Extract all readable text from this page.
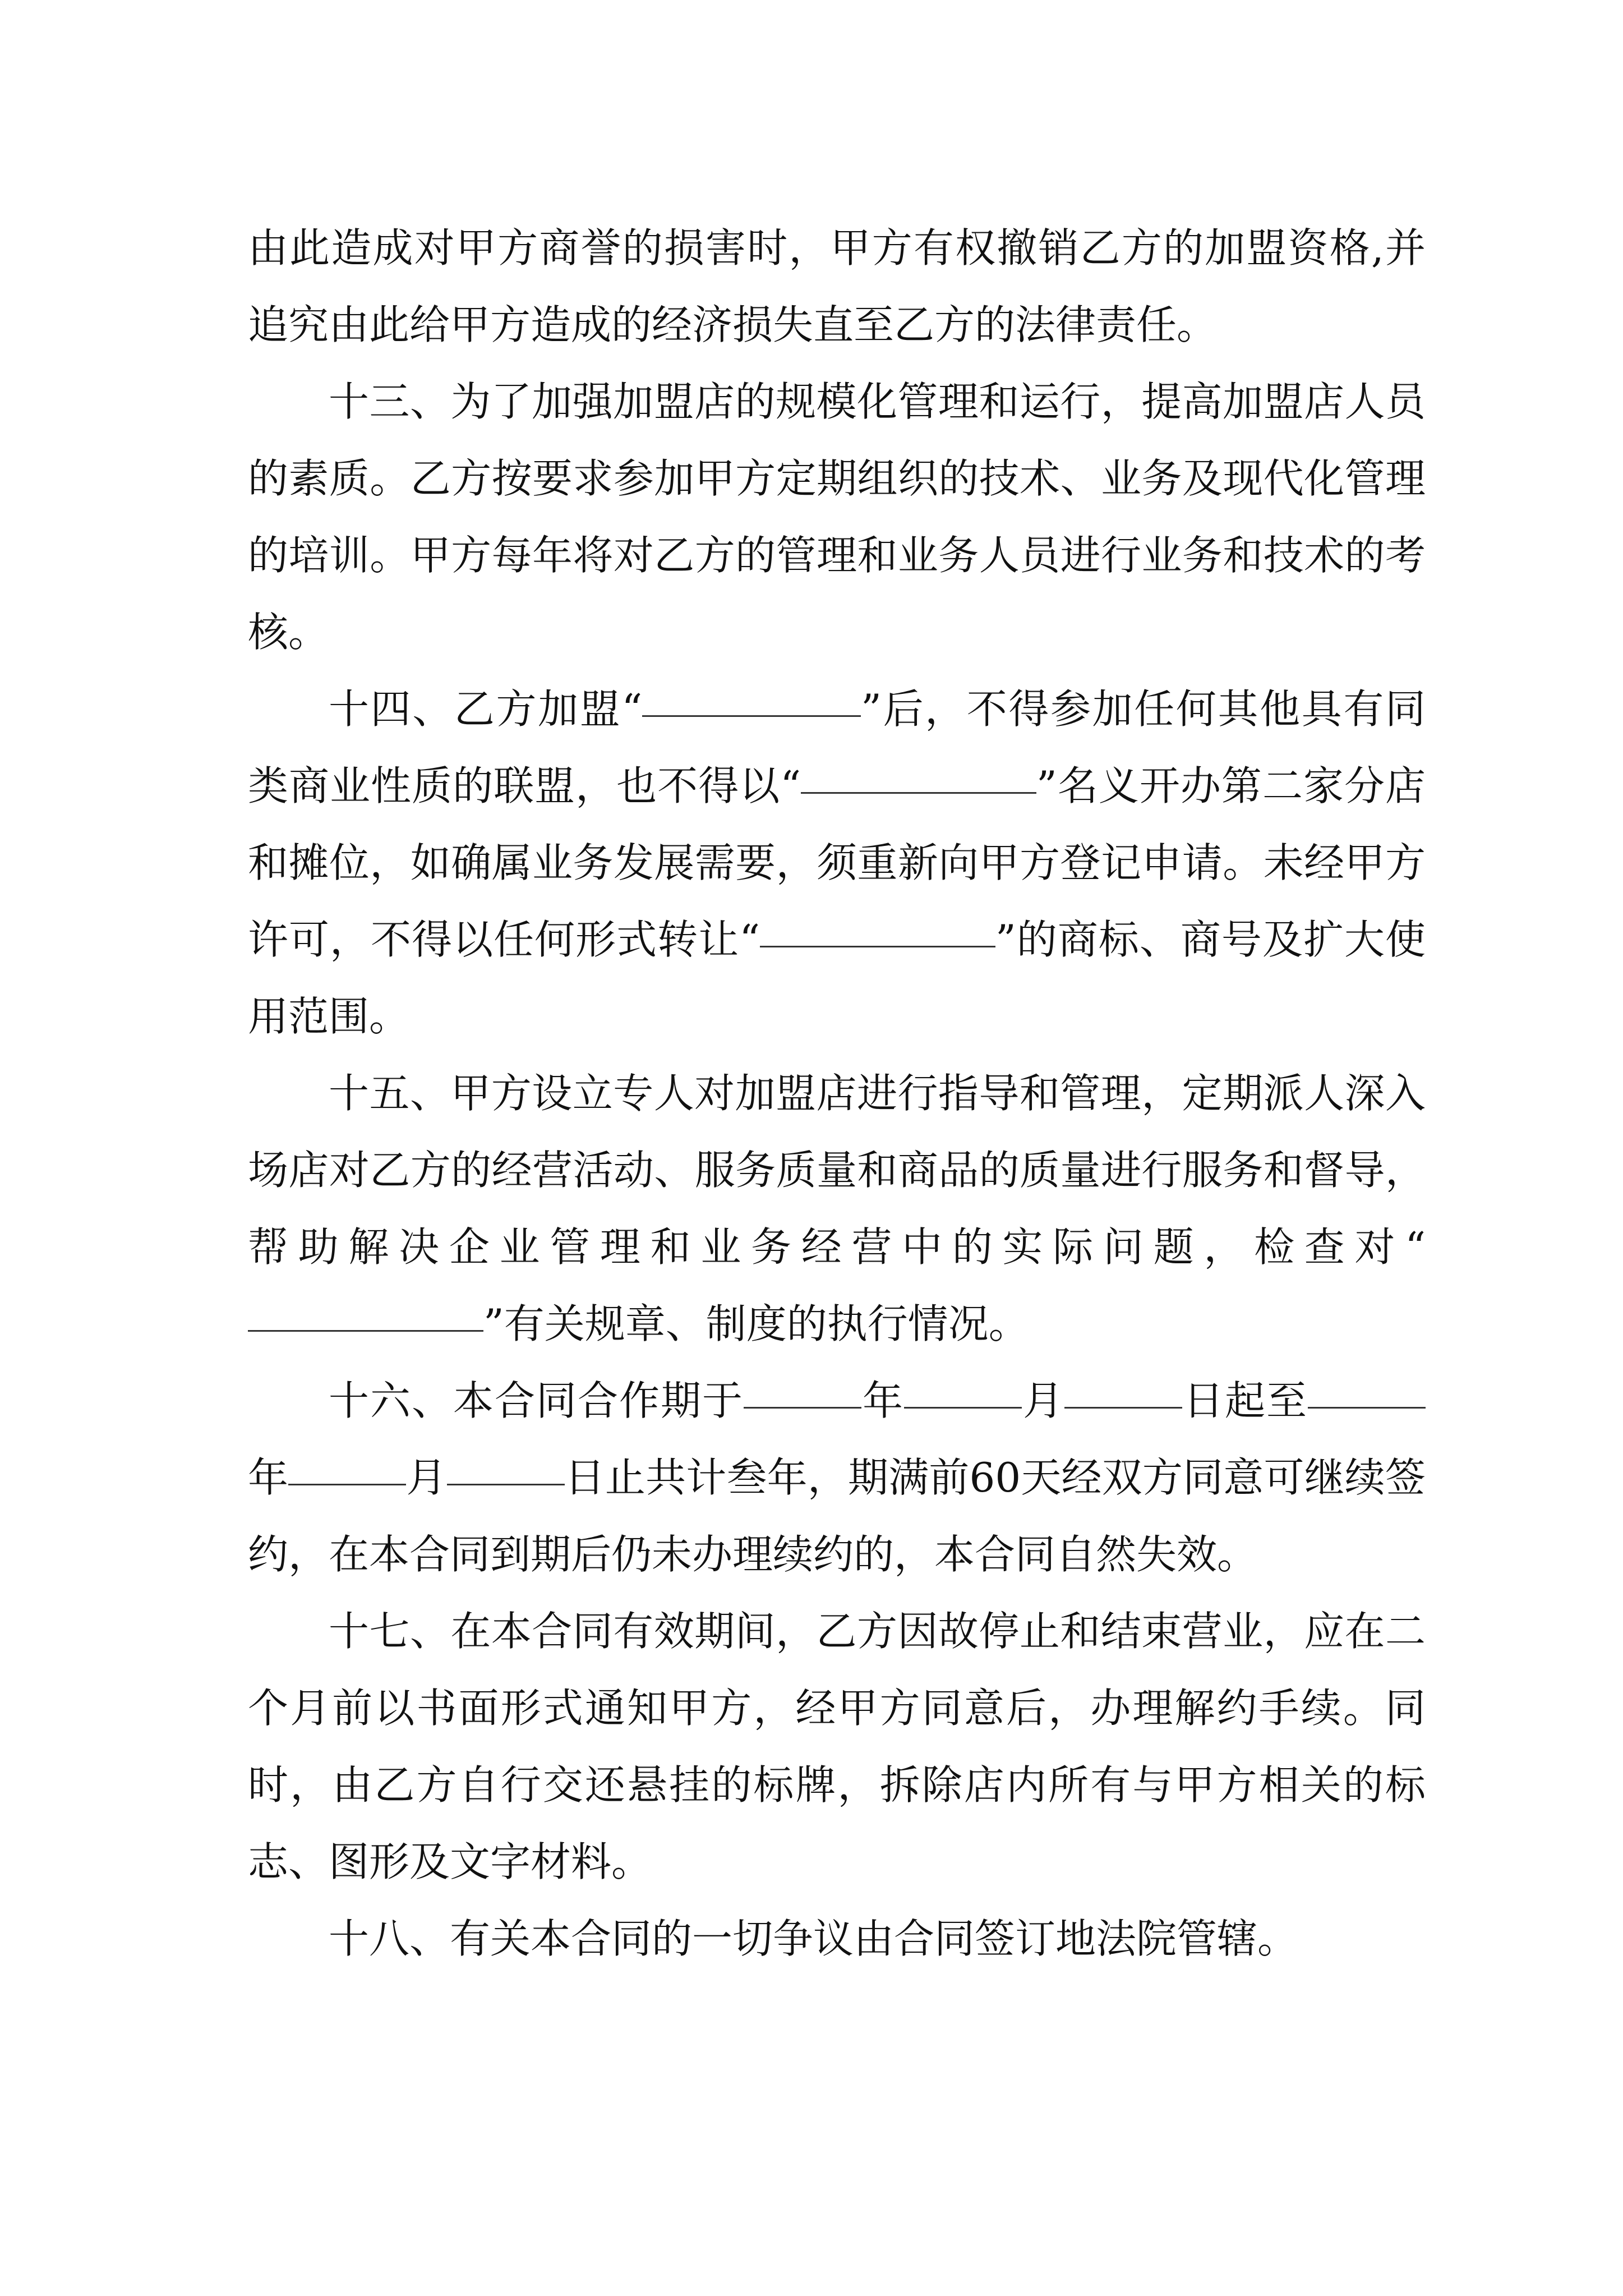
由此造成对甲方商誉的损害时，甲方有权撤销乙方的加盟资格,并追究由此给甲方造成的经济损失直至乙方的法律责任。

十三、为了加强加盟店的规模化管理和运行，提高加盟店人员的素质。乙方按要求参加甲方定期组织的技术、业务及现代化管理的培训。甲方每年将对乙方的管理和业务人员进行业务和技术的考核。

十四、乙方加盟“	”后，不得参加任何其他具有同类商业性质的联盟，也不得以“	”名义开办第二家分店和摊位，如确属业务发展需要，须重新向甲方登记申请。未经甲方许可，不得以任何形式转让“	”的商标、商号及扩大使用范围。

十五、甲方设立专人对加盟店进行指导和管理，定期派人深入场店对乙方的经营活动、服务质量和商品的质量进行服务和督导，帮助解决企业管理和业务经营中的实际问题，检查对“”有关规章、制度的执行情况。

十六、本合同合作期于	年	月	日起至年	月	日止共计叁年，期满前60天经双方同意可继续签约，在本合同到期后仍未办理续约的，本合同自然失效。

十七、在本合同有效期间，乙方因故停止和结束营业，应在二个月前以书面形式通知甲方，经甲方同意后，办理解约手续。同时，由乙方自行交还悬挂的标牌，拆除店内所有与甲方相关的标志、图形及文字材料。

十八、有关本合同的一切争议由合同签订地法院管辖。
